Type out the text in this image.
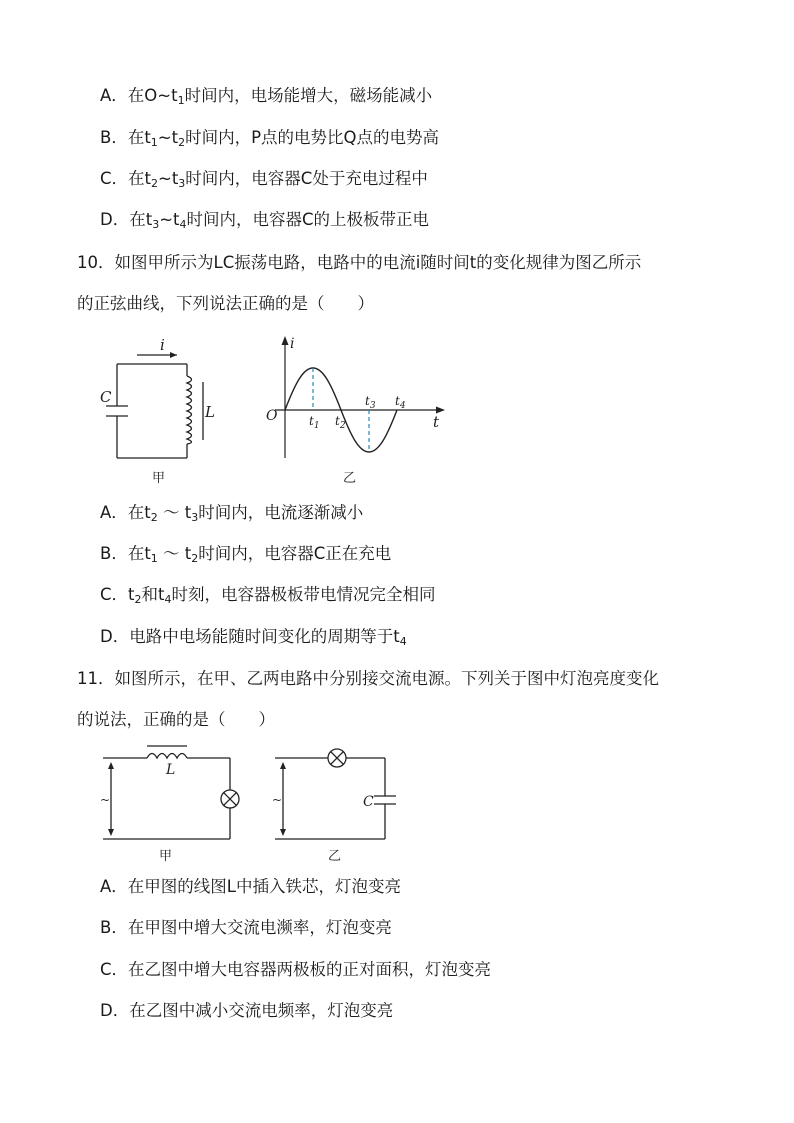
A．在$O\sim t_1$时间内，电场能增大，磁场能减小
B．在$t_1\sim t_2$时间内，P点的电势比Q点的电势高
C．在$t_2\sim t_3$时间内，电容器C处于充电过程中
D．在$t_3\sim t_4$时间内，电容器C的上极板带正电
10．如图甲所示为LC振荡电路，电路中的电流i随时间t的变化规律为图乙所示
的正弦曲线，下列说法正确的是（　　）
i
C
L
甲
i
t
O	$t_1$ $t_2$
$t_3$ $t_4$
乙
A．在$t_2$ ～ $t_3$时间内，电流逐渐减小
B．在$t_1$ ～ $t_2$时间内，电容器C正在充电
C．$t_2$和$t_4$时刻，电容器极板带电情况完全相同
D．电路中电场能随时间变化的周期等于$t_4$
11．如图所示，在甲、乙两电路中分别接交流电源。下列关于图中灯泡亮度变化
的说法，正确的是（　　）
~
L
甲
~	C
乙
A．在甲图的线图L中插入铁芯，灯泡变亮
B．在甲图中增大交流电濒率，灯泡变亮
C．在乙图中增大电容器两极板的正对面积，灯泡变亮
D．在乙图中减小交流电频率，灯泡变亮
